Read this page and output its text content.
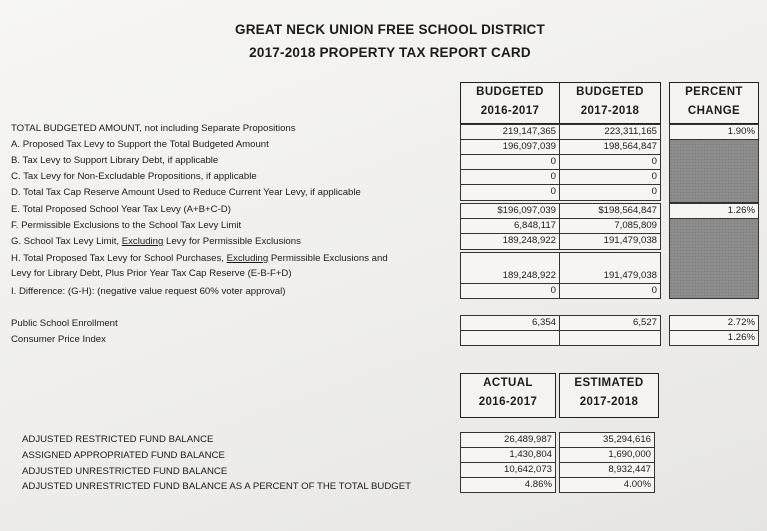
GREAT NECK UNION FREE SCHOOL DISTRICT
2017-2018 PROPERTY TAX REPORT CARD
BUDGETED
2016-2017
BUDGETED
2017-2018
PERCENT
CHANGE
TOTAL BUDGETED AMOUNT, not including Separate Propositions
A. Proposed Tax Levy to Support the Total Budgeted Amount
B. Tax Levy to Support Library Debt, if applicable
C. Tax Levy for Non-Excludable Propositions, if applicable
D. Total Tax Cap Reserve Amount Used to Reduce Current Year Levy, if applicable
E. Total Proposed School Year Tax Levy (A+B+C-D)
F. Permissible Exclusions to the School Tax Levy Limit
G. School Tax Levy Limit, Excluding Levy for Permissible Exclusions
H. Total Proposed Tax Levy for School Purchases, Excluding Permissible Exclusions and
Levy for Library Debt, Plus Prior Year Tax Cap Reserve (E-B-F+D)
I. Difference: (G-H): (negative value request 60% voter approval)
Public School Enrollment
Consumer Price Index
219,147,365
196,097,039
0
0
0
$196,097,039
6,848,117
189,248,922
189,248,922
0
6,354
223,311,165
198,564,847
0
0
0
$198,564,847
7,085,809
191,479,038
191,479,038
0
6,527
1.90%
1.26%
2.72%
1.26%
ACTUAL
2016-2017
ESTIMATED
2017-2018
ADJUSTED RESTRICTED FUND BALANCE
ASSIGNED APPROPRIATED FUND BALANCE
ADJUSTED UNRESTRICTED FUND BALANCE
ADJUSTED UNRESTRICTED FUND BALANCE AS A PERCENT OF THE TOTAL BUDGET
26,489,987
1,430,804
10,642,073
4.86%
35,294,616
1,690,000
8,932,447
4.00%
